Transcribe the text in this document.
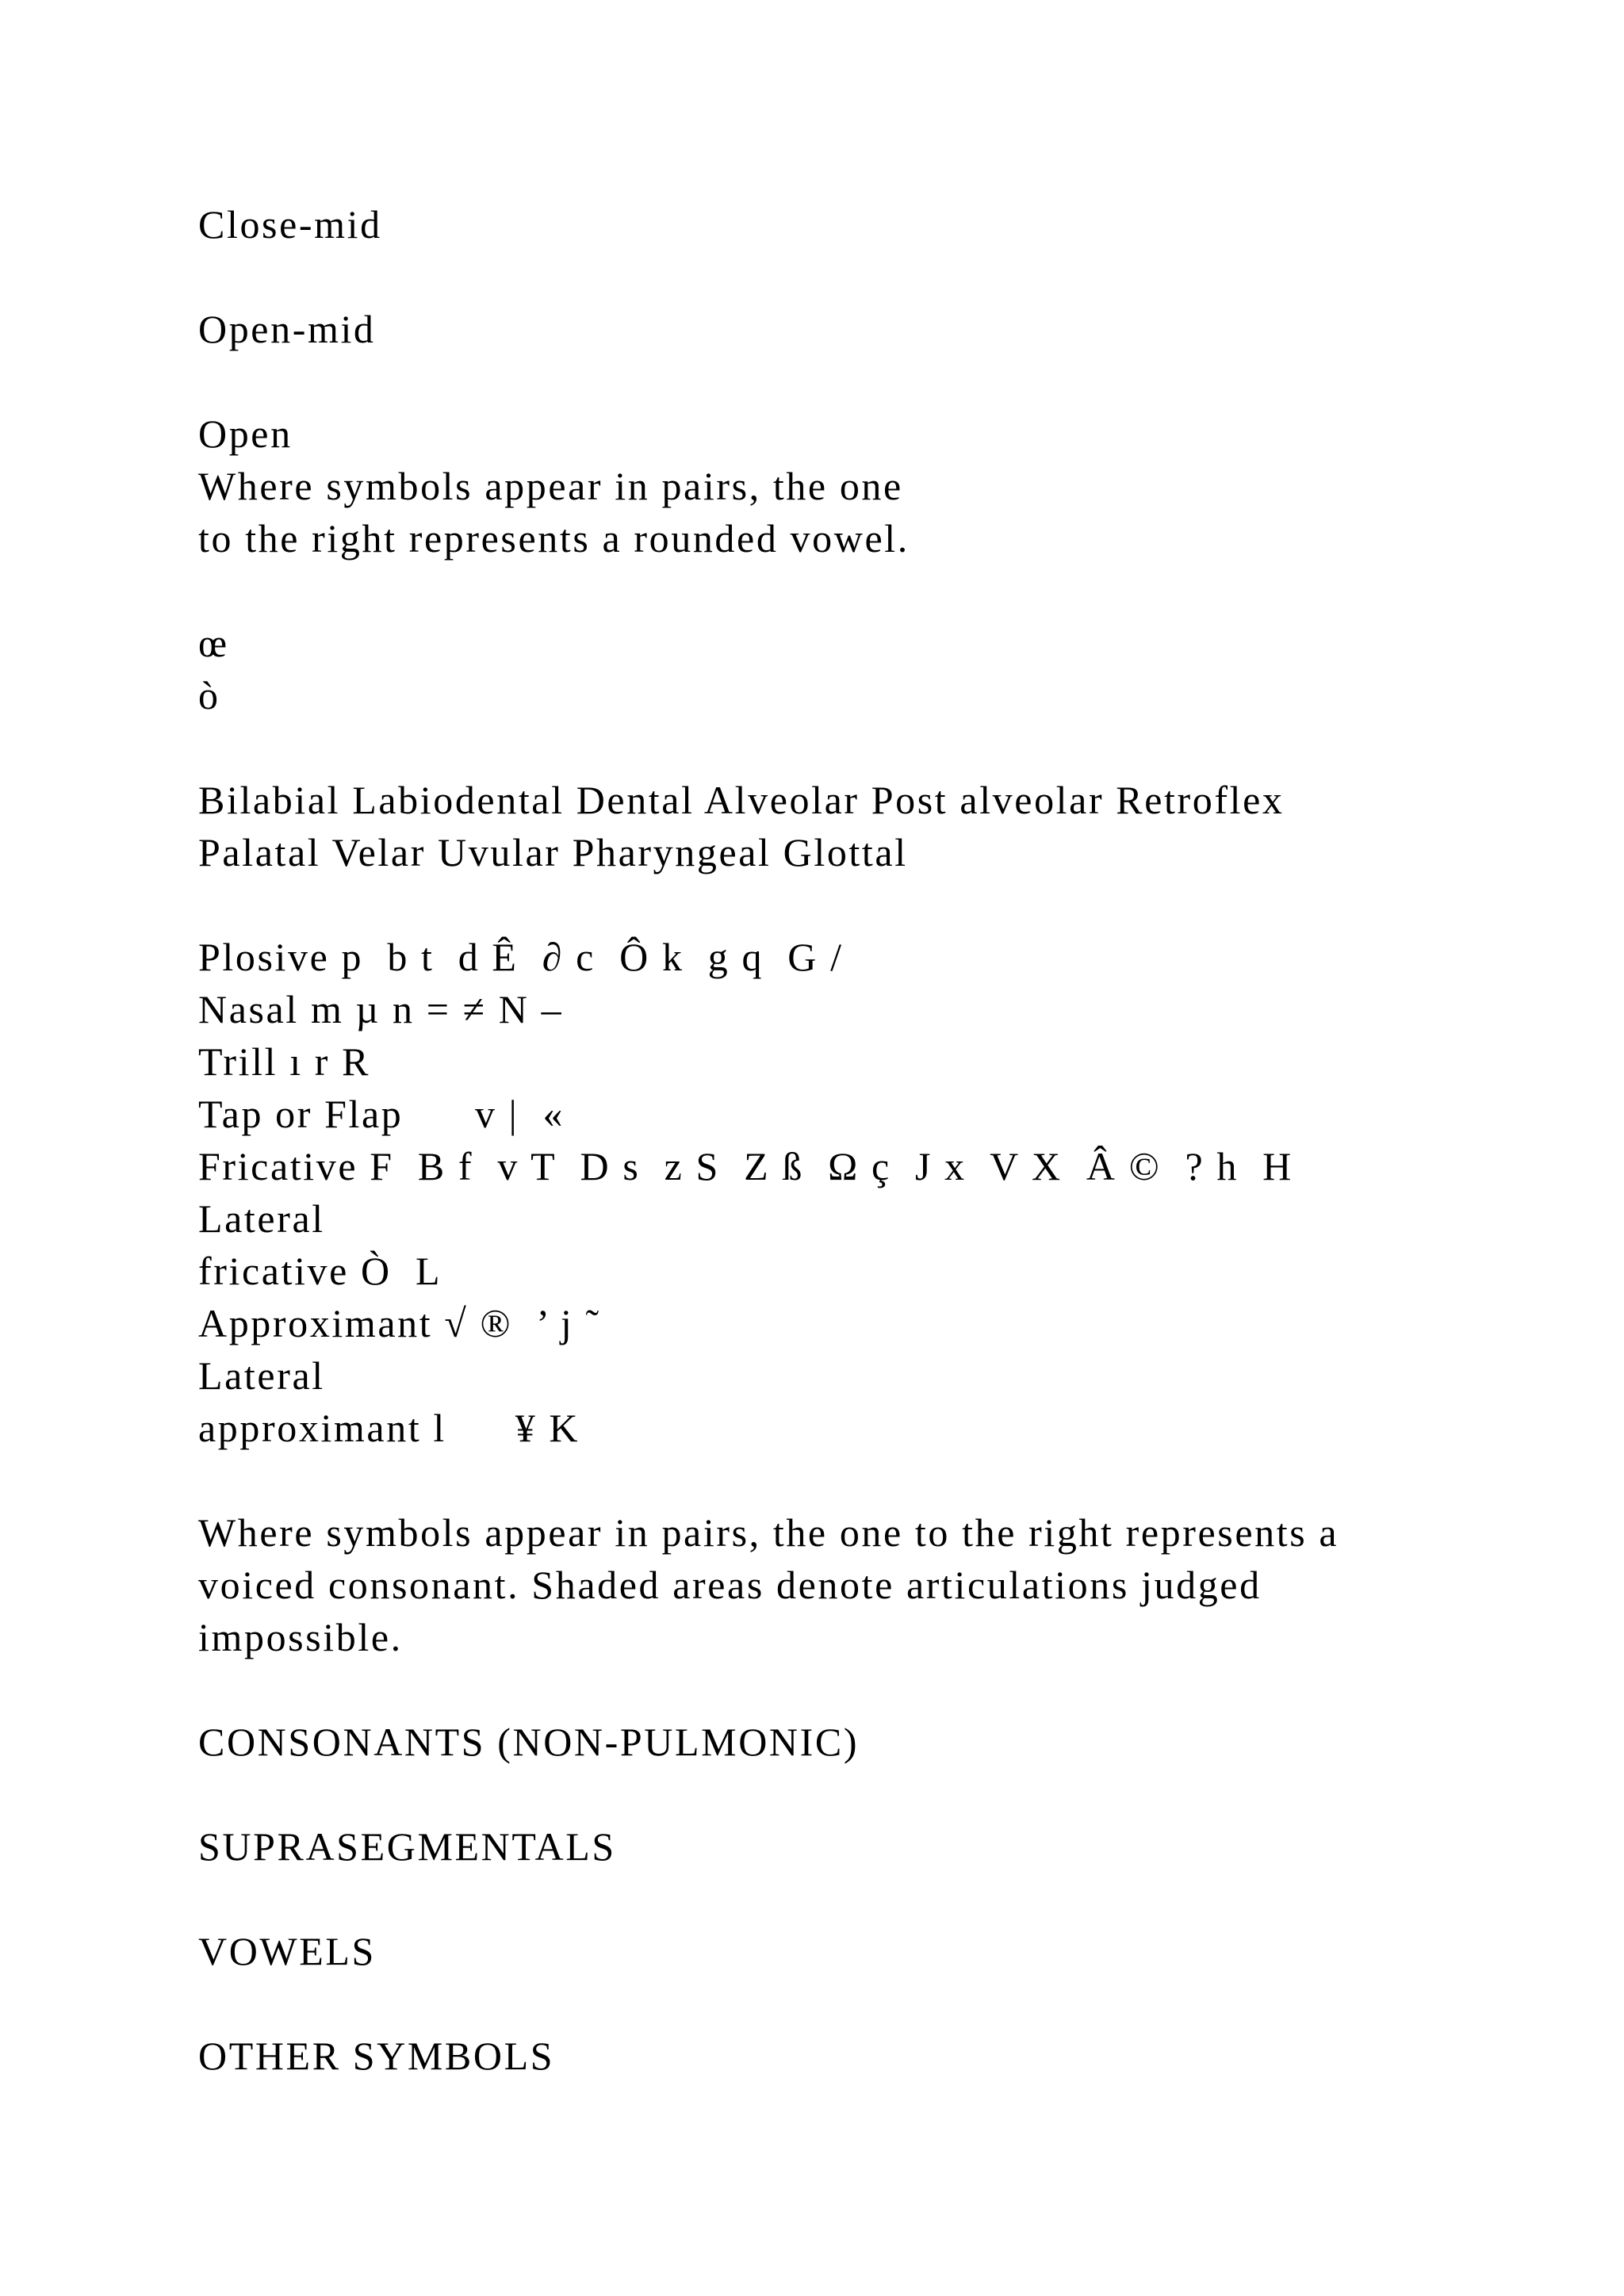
Close-mid
Open-mid
Open
Where symbols appear in pairs, the one
to the right represents a rounded vowel.
œ
ò
Bilabial Labiodental Dental Alveolar Post alveolar Retroflex
Palatal Velar Uvular Pharyngeal Glottal
Plosive p  b t  d Ê  ∂ c  Ô k  g q  G /
Nasal m µ n = ≠ N –
Trill ı r R
Tap or Flap      v |  «
Fricative F  B f  v T  D s  z S  Z ß  Ω ç  J x  V X  Â ©  ? h  H
Lateral
fricative Ò  L
Approximant √ ®  ’ j ˜
Lateral
approximant l    ¥ K
Where symbols appear in pairs, the one to the right represents a
voiced consonant. Shaded areas denote articulations judged
impossible.
CONSONANTS (NON-PULMONIC)
SUPRASEGMENTALS
VOWELS
OTHER SYMBOLS
